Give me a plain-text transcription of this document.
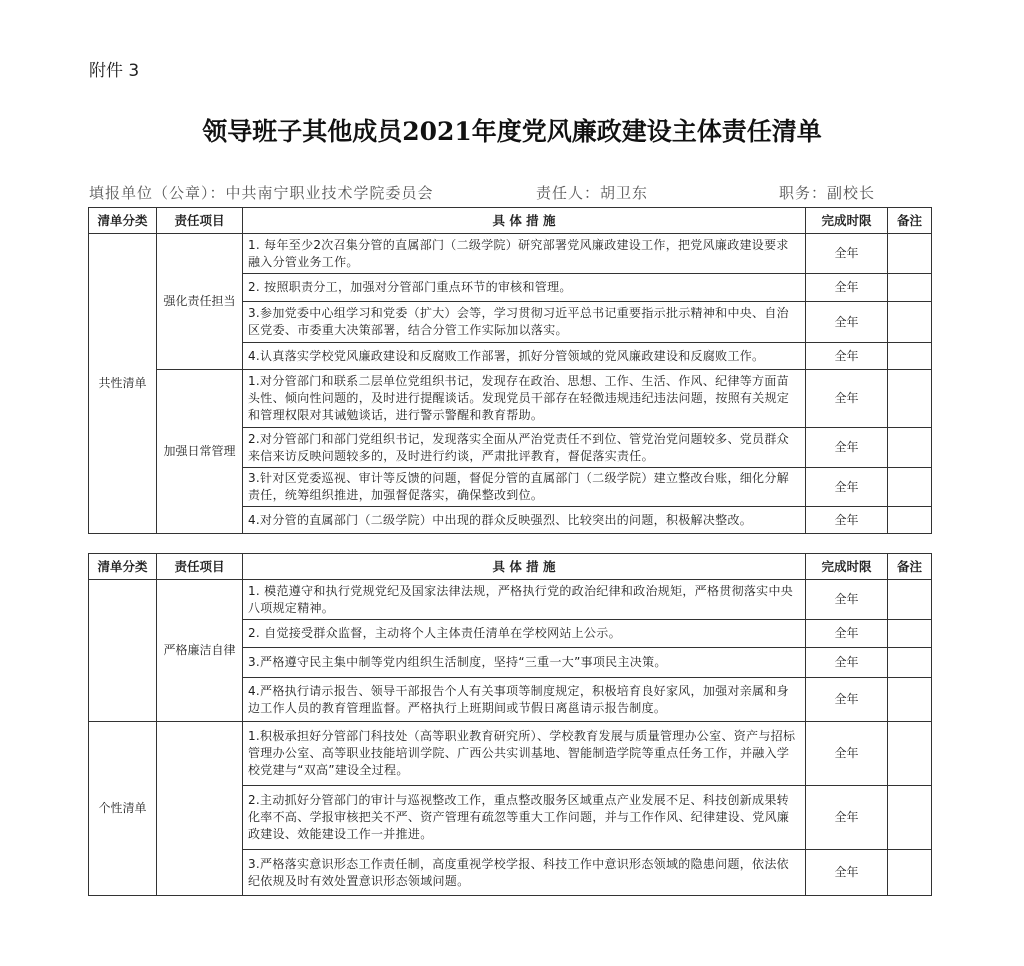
附件 3
领导班子其他成员2021年度党风廉政建设主体责任清单
填报单位（公章）：中共南宁职业技术学院委员会	责任人：胡卫东	职务：副校长
清单分类	责任项目	具 体 措 施	完成时限	备注
共性清单	强化责任担当	1. 每年至少2次召集分管的直属部门（二级学院）研究部署党风廉政建设工作，把党风廉政建设要求融入分管业务工作。	全年	
		2. 按照职责分工，加强对分管部门重点环节的审核和管理。	全年	
		3.参加党委中心组学习和党委（扩大）会等，学习贯彻习近平总书记重要指示批示精神和中央、自治区党委、市委重大决策部署，结合分管工作实际加以落实。	全年	
		4.认真落实学校党风廉政建设和反腐败工作部署，抓好分管领域的党风廉政建设和反腐败工作。	全年	
	加强日常管理	1.对分管部门和联系二层单位党组织书记，发现存在政治、思想、工作、生活、作风、纪律等方面苗头性、倾向性问题的，及时进行提醒谈话。发现党员干部存在轻微违规违纪违法问题，按照有关规定和管理权限对其诫勉谈话，进行警示警醒和教育帮助。	全年	
		2.对分管部门和部门党组织书记，发现落实全面从严治党责任不到位、管党治党问题较多、党员群众来信来访反映问题较多的，及时进行约谈，严肃批评教育，督促落实责任。	全年	
		3.针对区党委巡视、审计等反馈的问题，督促分管的直属部门（二级学院）建立整改台账，细化分解责任，统筹组织推进，加强督促落实，确保整改到位。	全年	
		4.对分管的直属部门（二级学院）中出现的群众反映强烈、比较突出的问题，积极解决整改。	全年	
清单分类	责任项目	具 体 措 施	完成时限	备注
	严格廉洁自律	1. 模范遵守和执行党规党纪及国家法律法规，严格执行党的政治纪律和政治规矩，严格贯彻落实中央八项规定精神。	全年	
		2. 自觉接受群众监督，主动将个人主体责任清单在学校网站上公示。	全年	
		3.严格遵守民主集中制等党内组织生活制度，坚持“三重一大”事项民主决策。	全年	
		4.严格执行请示报告、领导干部报告个人有关事项等制度规定，积极培育良好家风，加强对亲属和身边工作人员的教育管理监督。严格执行上班期间或节假日离邕请示报告制度。	全年	
个性清单		1.积极承担好分管部门科技处（高等职业教育研究所）、学校教育发展与质量管理办公室、资产与招标管理办公室、高等职业技能培训学院、广西公共实训基地、智能制造学院等重点任务工作，并融入学校党建与“双高”建设全过程。	全年	
		2.主动抓好分管部门的审计与巡视整改工作，重点整改服务区域重点产业发展不足、科技创新成果转化率不高、学报审核把关不严、资产管理有疏忽等重大工作问题，并与工作作风、纪律建设、党风廉政建设、效能建设工作一并推进。	全年	
		3.严格落实意识形态工作责任制，高度重视学校学报、科技工作中意识形态领域的隐患问题，依法依纪依规及时有效处置意识形态领域问题。	全年	
